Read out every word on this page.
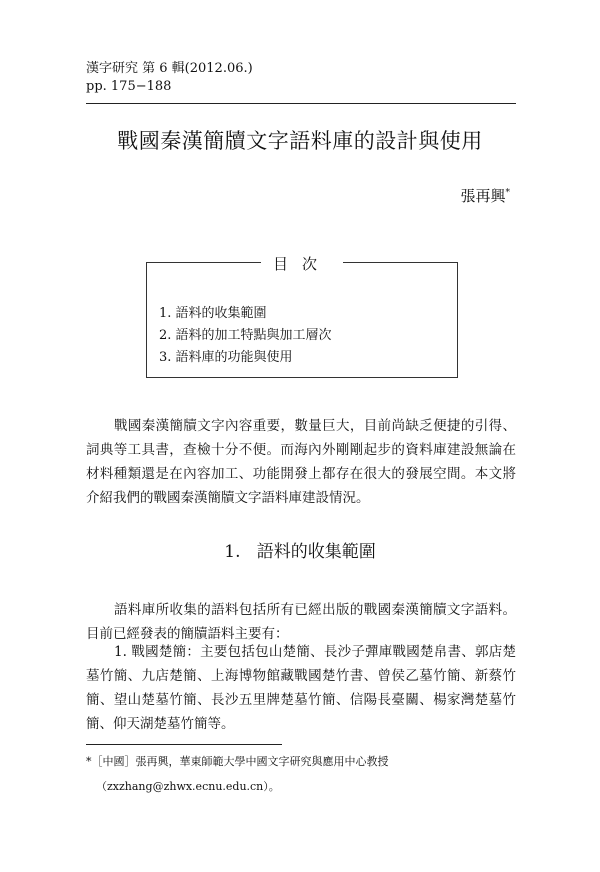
漢字研究 第 6 輯(2012.06.)
pp. 175−188
戰國秦漢簡牘文字語料庫的設計與使用
張再興*
目次
1. 語料的收集範圍
2. 語料的加工特點與加工層次
3. 語料庫的功能與使用
戰國秦漢簡牘文字內容重要，數量巨大，目前尚缺乏便捷的引得、詞典等工具書，查檢十分不便。而海內外剛剛起步的資料庫建設無論在材料種類還是在內容加工、功能開發上都存在很大的發展空間。本文將介紹我們的戰國秦漢簡牘文字語料庫建設情況。
1.   語料的收集範圍
語料庫所收集的語料包括所有已經出版的戰國秦漢簡牘文字語料。目前已經發表的簡牘語料主要有：
1. 戰國楚簡：主要包括包山楚簡、長沙子彈庫戰國楚帛書、郭店楚墓竹簡、九店楚簡、上海博物館藏戰國楚竹書、曾侯乙墓竹簡、新蔡竹簡、望山楚墓竹簡、長沙五里牌楚墓竹簡、信陽長臺關、楊家灣楚墓竹簡、仰天湖楚墓竹簡等。
*［中國］張再興，華東師範大學中國文字研究與應用中心教授
（zxzhang@zhwx.ecnu.edu.cn）。
